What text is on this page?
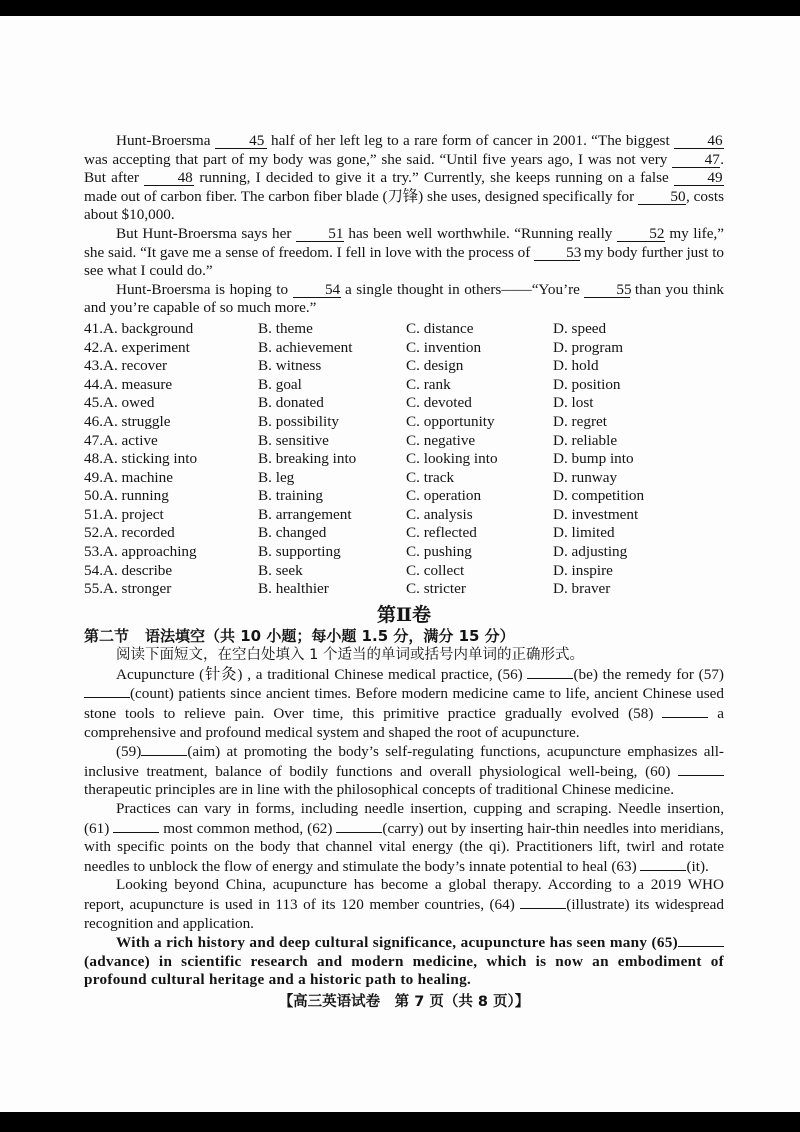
Hunt-Broersma 45 half of her left leg to a rare form of cancer in 2001. “The biggest 46 was accepting that part of my body was gone,” she said. “Until five years ago, I was not very 47. But after 48 running, I decided to give it a try.” Currently, she keeps running on a false 49 made out of carbon fiber. The carbon fiber blade (刀锋) she uses, designed specifically for 50, costs about $10,000.

But Hunt-Broersma says her 51 has been well worthwhile. “Running really 52 my life,” she said. “It gave me a sense of freedom. I fell in love with the process of 53 my body further just to see what I could do.”

Hunt-Broersma is hoping to 54 a single thought in others——“You’re 55 than you think and you’re capable of so much more.”

41.A. background	B. theme	C. distance	D. speed
42.A. experiment	B. achievement	C. invention	D. program
43.A. recover	B. witness	C. design	D. hold
44.A. measure	B. goal	C. rank	D. position
45.A. owed	B. donated	C. devoted	D. lost
46.A. struggle	B. possibility	C. opportunity	D. regret
47.A. active	B. sensitive	C. negative	D. reliable
48.A. sticking into	B. breaking into	C. looking into	D. bump into
49.A. machine	B. leg	C. track	D. runway
50.A. running	B. training	C. operation	D. competition
51.A. project	B. arrangement	C. analysis	D. investment
52.A. recorded	B. changed	C. reflected	D. limited
53.A. approaching	B. supporting	C. pushing	D. adjusting
54.A. describe	B. seek	C. collect	D. inspire
55.A. stronger	B. healthier	C. stricter	D. braver
第Ⅱ卷
第二节 语法填空（共 10 小题；每小题 1.5 分，满分 15 分）
阅读下面短文，在空白处填入 1 个适当的单词或括号内单词的正确形式。

Acupuncture (针灸) , a traditional Chinese medical practice, (56)	(be) the remedy for (57) (count) patients since ancient times. Before modern medicine came to life, ancient Chinese used stone tools to relieve pain. Over time, this primitive practice gradually evolved (58)	a comprehensive and profound medical system and shaped the root of acupuncture.

(59)	(aim) at promoting the body’s self-regulating functions, acupuncture emphasizes all-inclusive treatment, balance of bodily functions and overall physiological well-being, (60)  therapeutic principles are in line with the philosophical concepts of traditional Chinese medicine.

Practices can vary in forms, including needle insertion, cupping and scraping. Needle insertion, (61)	most common method, (62)	(carry) out by inserting hair-thin needles into meridians, with specific points on the body that channel vital energy (the qi). Practitioners lift, twirl and rotate needles to unblock the flow of energy and stimulate the body’s innate potential to heal (63)	(it).

Looking beyond China, acupuncture has become a global therapy. According to a 2019 WHO report, acupuncture is used in 113 of its 120 member countries, (64)	(illustrate) its widespread recognition and application.

With a rich history and deep cultural significance, acupuncture has seen many (65) (advance) in scientific research and modern medicine, which is now an embodiment of profound cultural heritage and a historic path to healing.

【高三英语试卷　第 7 页（共 8 页）】
